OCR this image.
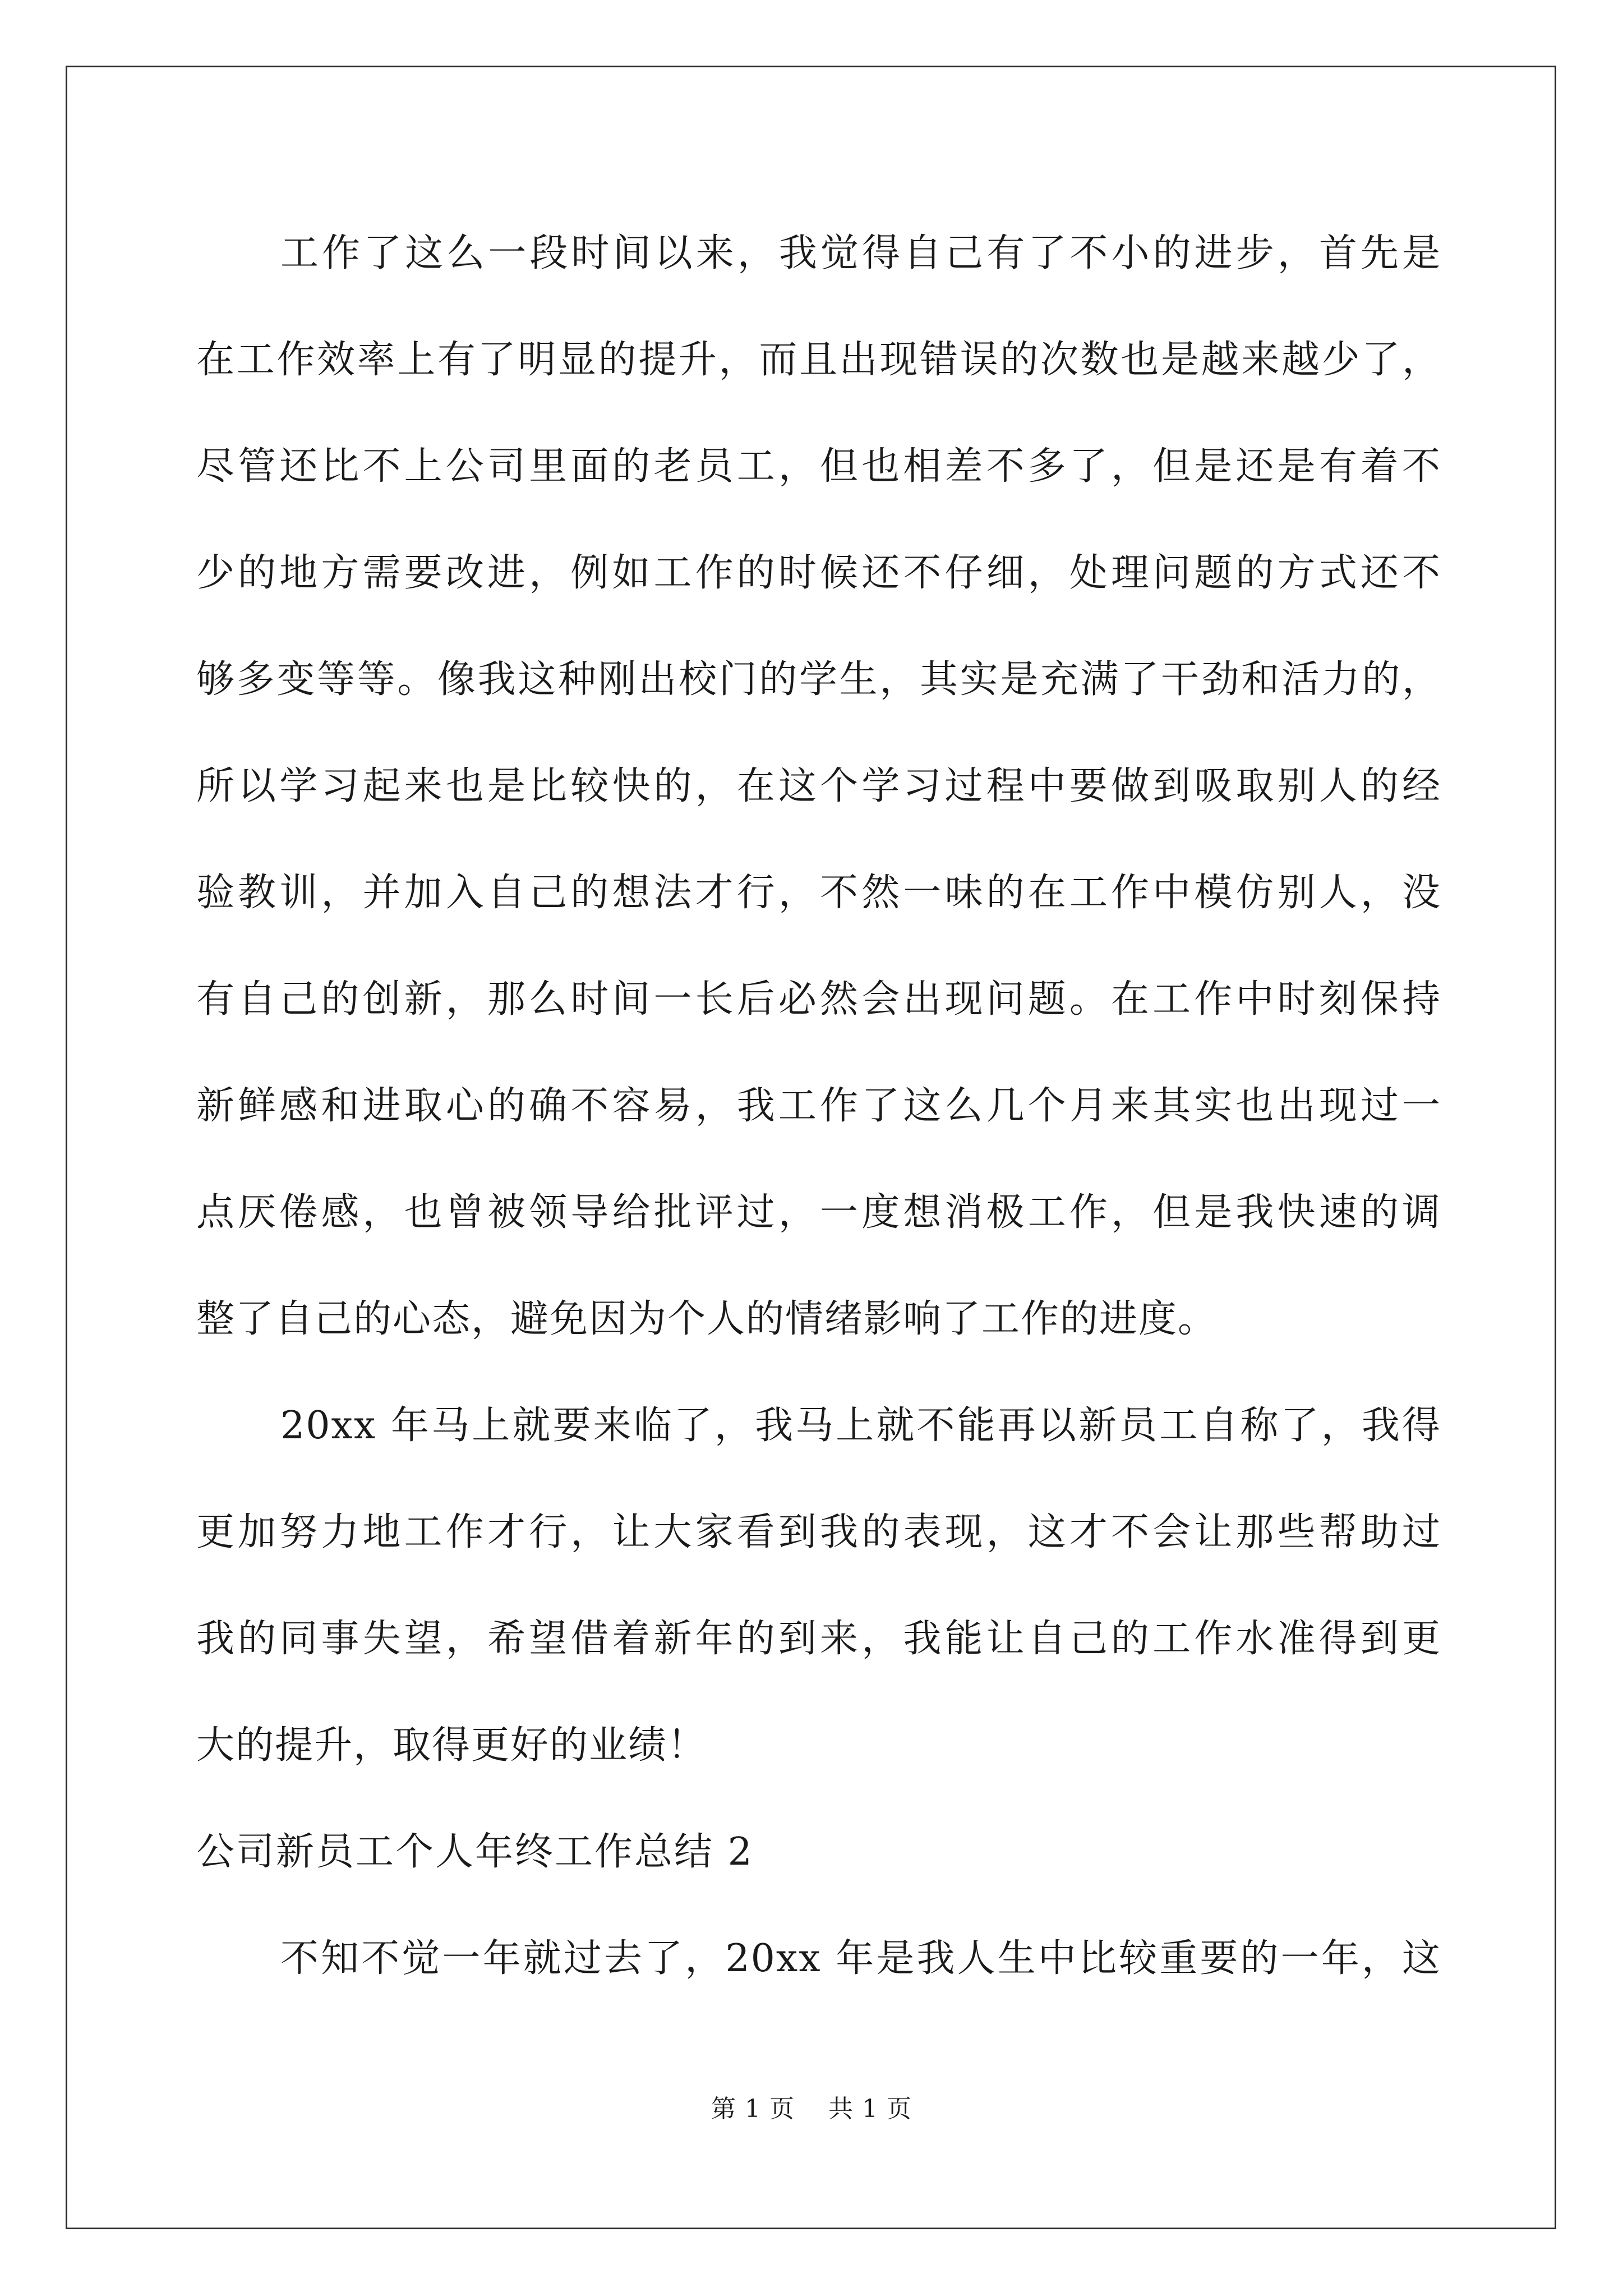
工作了这么一段时间以来，我觉得自己有了不小的进步，首先是
在工作效率上有了明显的提升，而且出现错误的次数也是越来越少了，
尽管还比不上公司里面的老员工，但也相差不多了，但是还是有着不
少的地方需要改进，例如工作的时候还不仔细，处理问题的方式还不
够多变等等。像我这种刚出校门的学生，其实是充满了干劲和活力的，
所以学习起来也是比较快的，在这个学习过程中要做到吸取别人的经
验教训，并加入自己的想法才行，不然一味的在工作中模仿别人，没
有自己的创新，那么时间一长后必然会出现问题。在工作中时刻保持
新鲜感和进取心的确不容易，我工作了这么几个月来其实也出现过一
点厌倦感，也曾被领导给批评过，一度想消极工作，但是我快速的调
整了自己的心态，避免因为个人的情绪影响了工作的进度。
20xx 年马上就要来临了，我马上就不能再以新员工自称了，我得
更加努力地工作才行，让大家看到我的表现，这才不会让那些帮助过
我的同事失望，希望借着新年的到来，我能让自己的工作水准得到更
大的提升，取得更好的业绩！
公司新员工个人年终工作总结 2
不知不觉一年就过去了，20xx 年是我人生中比较重要的一年，这
第 1 页 共 1 页
